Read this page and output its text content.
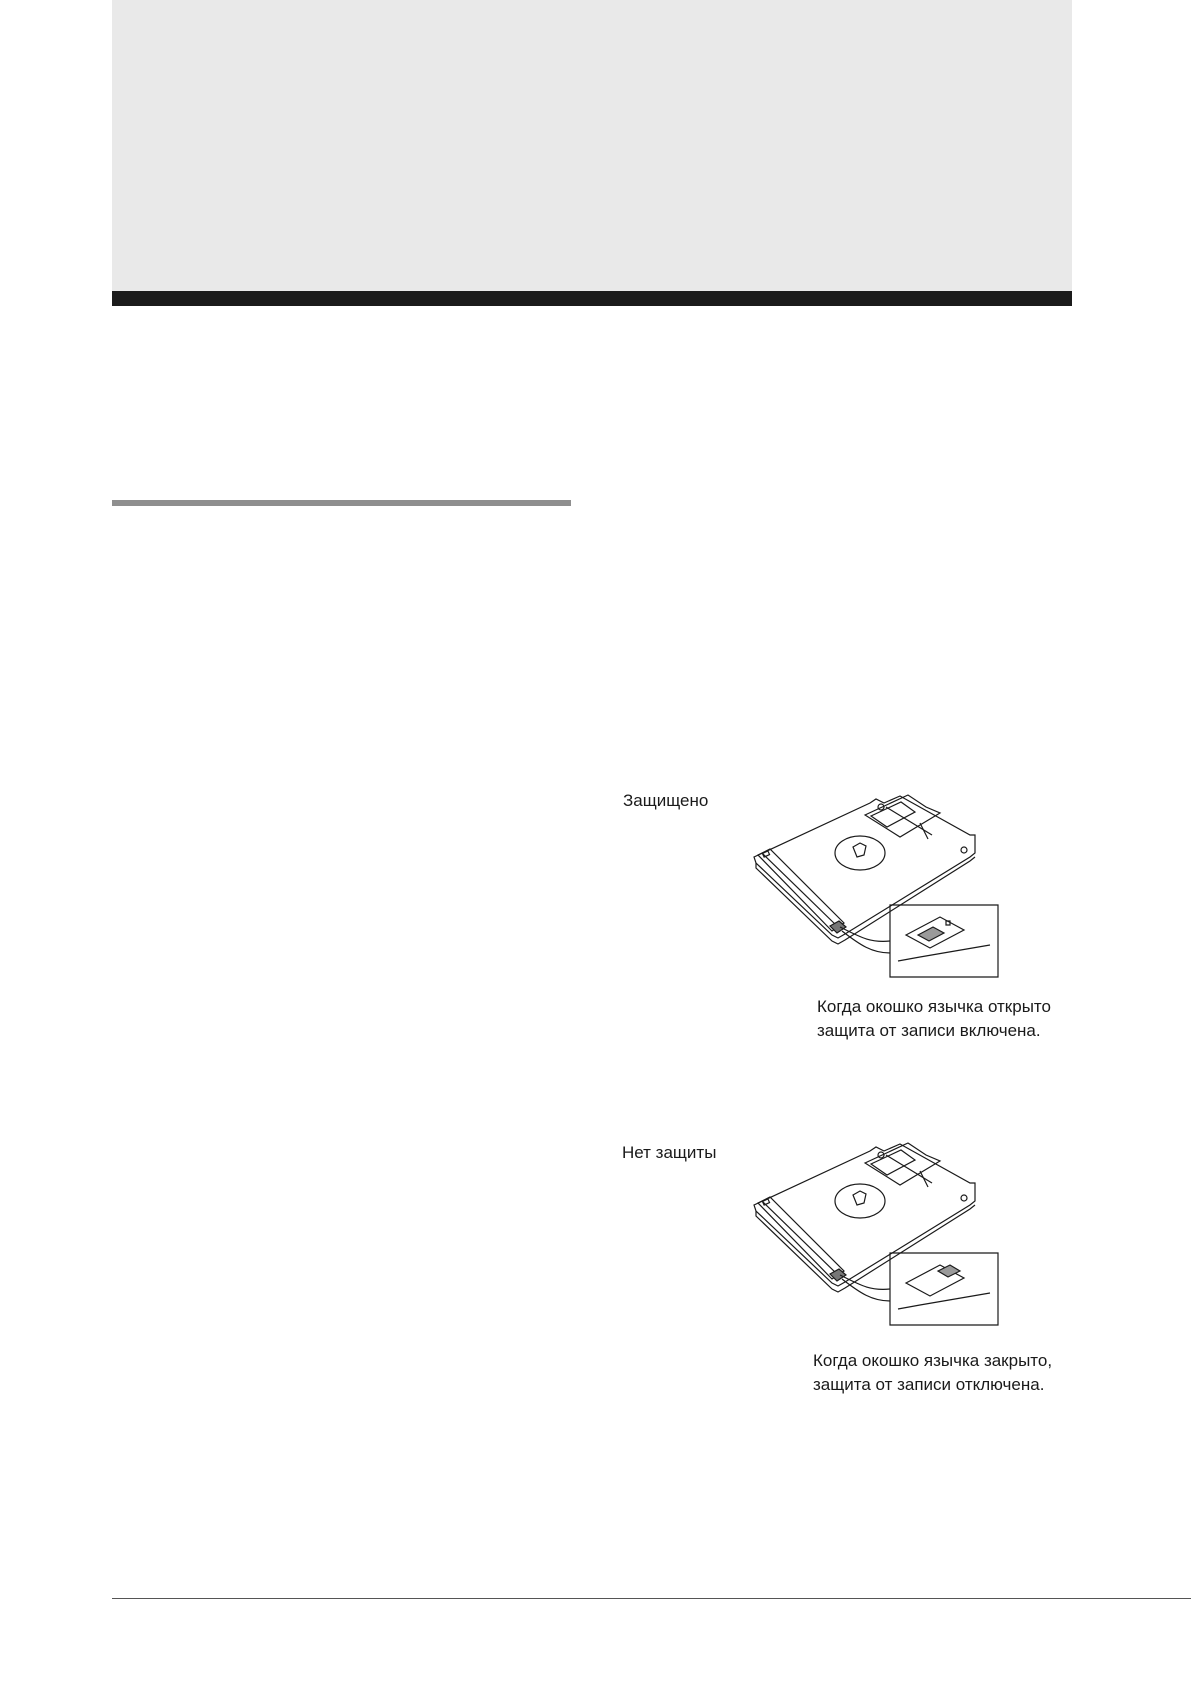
Защищено
Когда окошко язычка открыто
защита от записи включена.
Нет защиты
Когда окошко язычка закрыто,
защита от записи отключена.
